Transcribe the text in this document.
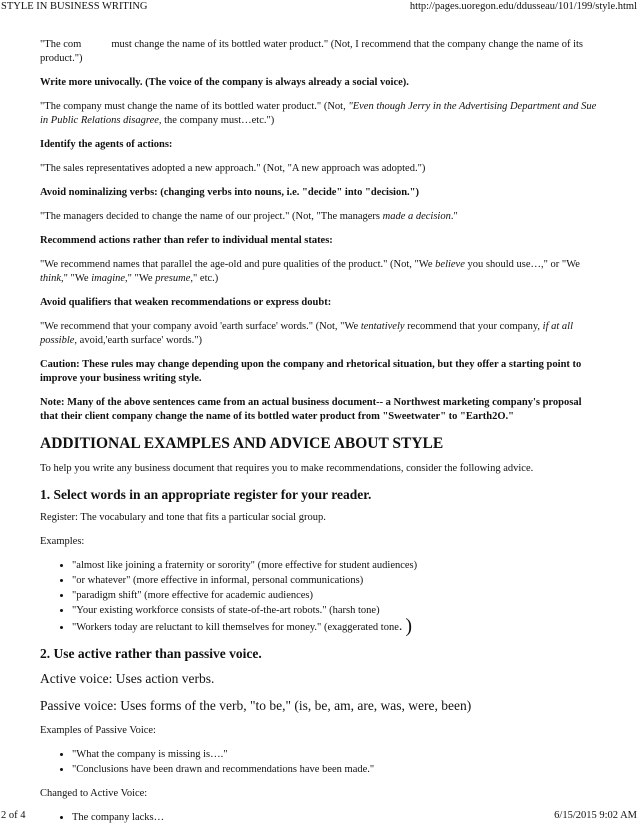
STYLE IN BUSINESS WRITING	http://pages.uoregon.edu/ddusseau/101/199/style.html

"The com	must change the name of its bottled water product." (Not, I recommend that the company change the name of its product.")

Write more univocally. (The voice of the company is always already a social voice).

"The company must change the name of its bottled water product." (Not, "Even though Jerry in the Advertising Department and Sue in Public Relations disagree, the company must…etc.")

Identify the agents of actions:

"The sales representatives adopted a new approach." (Not, "A new approach was adopted.")

Avoid nominalizing verbs: (changing verbs into nouns, i.e. "decide" into "decision.")

"The managers decided to change the name of our project." (Not, "The managers made a decision."

Recommend actions rather than refer to individual mental states:

"We recommend names that parallel the age-old and pure qualities of the product." (Not, "We believe you should use…," or "We think," "We imagine," "We presume," etc.)

Avoid qualifiers that weaken recommendations or express doubt:

"We recommend that your company avoid 'earth surface' words." (Not, "We tentatively recommend that your company, if at all possible, avoid,'earth surface' words.")

Caution: These rules may change depending upon the company and rhetorical situation, but they offer a starting point to improve your business writing style.

Note: Many of the above sentences came from an actual business document-- a Northwest marketing company's proposal that their client company change the name of its bottled water product from "Sweetwater" to "Earth2O."

ADDITIONAL EXAMPLES AND ADVICE ABOUT STYLE

To help you write any business document that requires you to make recommendations, consider the following advice.

1. Select words in an appropriate register for your reader.

Register: The vocabulary and tone that fits a particular social group.

Examples:

• "almost like joining a fraternity or sorority" (more effective for student audiences)
• "or whatever" (more effective in informal, personal communications)
• "paradigm shift" (more effective for academic audiences)
• "Your existing workforce consists of state-of-the-art robots." (harsh tone)
• "Workers today are reluctant to kill themselves for money." (exaggerated tone. )
2. Use active rather than passive voice.

Active voice: Uses action verbs.

Passive voice: Uses forms of the verb, "to be," (is, be, am, are, was, were, been)

Examples of Passive Voice:

• "What the company is missing is…."
• "Conclusions have been drawn and recommendations have been made."

Changed to Active Voice:

• The company lacks…
2 of 4	6/15/2015 9:02 AM
